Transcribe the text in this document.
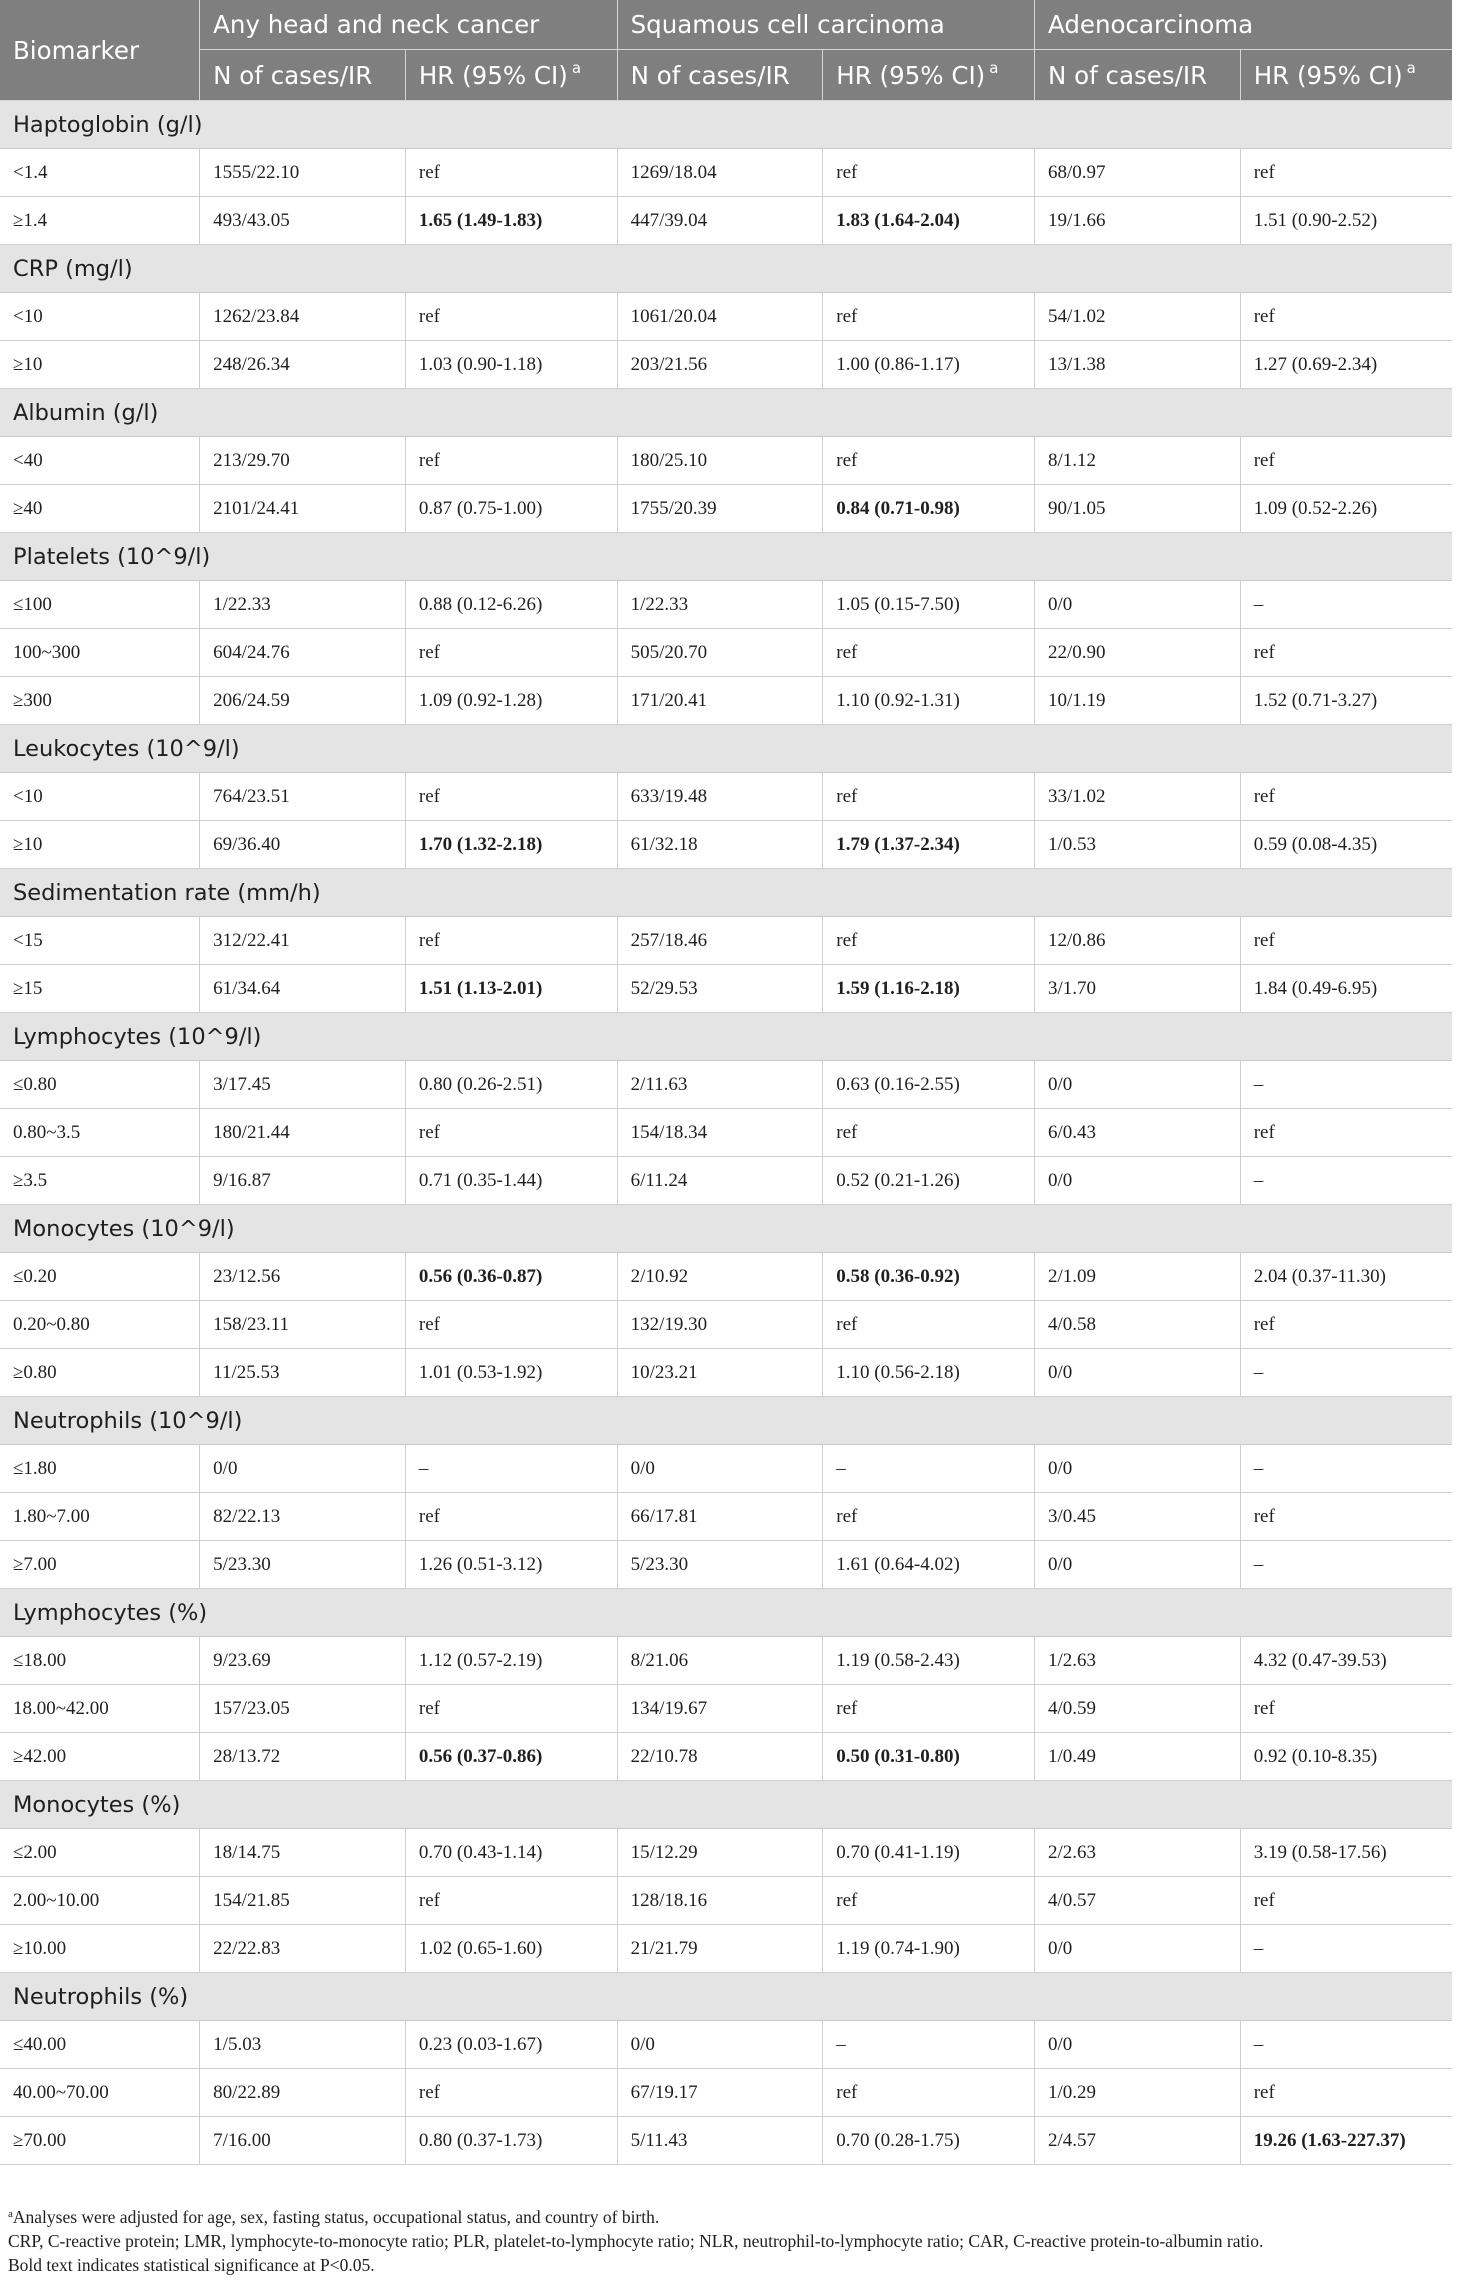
Biomarker	Any head and neck cancer		Squamous cell carcinoma		Adenocarcinoma	
	N of cases/IR	HR (95% CI) $^a$	N of cases/IR	HR (95% CI) $^a$	N of cases/IR	HR (95% CI) $^a$
Haptoglobin (g/l)						
<1.4	1555/22.10	ref	1269/18.04	ref	68/0.97	ref
≥1.4	493/43.05	1.65 (1.49-1.83)	447/39.04	1.83 (1.64-2.04)	19/1.66	1.51 (0.90-2.52)
CRP (mg/l)						
<10	1262/23.84	ref	1061/20.04	ref	54/1.02	ref
≥10	248/26.34	1.03 (0.90-1.18)	203/21.56	1.00 (0.86-1.17)	13/1.38	1.27 (0.69-2.34)
Albumin (g/l)						
<40	213/29.70	ref	180/25.10	ref	8/1.12	ref
≥40	2101/24.41	0.87 (0.75-1.00)	1755/20.39	0.84 (0.71-0.98)	90/1.05	1.09 (0.52-2.26)
Platelets (10^9/l)						
≤100	1/22.33	0.88 (0.12-6.26)	1/22.33	1.05 (0.15-7.50)	0/0	–
100~300	604/24.76	ref	505/20.70	ref	22/0.90	ref
≥300	206/24.59	1.09 (0.92-1.28)	171/20.41	1.10 (0.92-1.31)	10/1.19	1.52 (0.71-3.27)
Leukocytes (10^9/l)						
<10	764/23.51	ref	633/19.48	ref	33/1.02	ref
≥10	69/36.40	1.70 (1.32-2.18)	61/32.18	1.79 (1.37-2.34)	1/0.53	0.59 (0.08-4.35)
Sedimentation rate (mm/h)						
<15	312/22.41	ref	257/18.46	ref	12/0.86	ref
≥15	61/34.64	1.51 (1.13-2.01)	52/29.53	1.59 (1.16-2.18)	3/1.70	1.84 (0.49-6.95)
Lymphocytes (10^9/l)						
≤0.80	3/17.45	0.80 (0.26-2.51)	2/11.63	0.63 (0.16-2.55)	0/0	–
0.80~3.5	180/21.44	ref	154/18.34	ref	6/0.43	ref
≥3.5	9/16.87	0.71 (0.35-1.44)	6/11.24	0.52 (0.21-1.26)	0/0	–
Monocytes (10^9/l)						
≤0.20	23/12.56	0.56 (0.36-0.87)	2/10.92	0.58 (0.36-0.92)	2/1.09	2.04 (0.37-11.30)
0.20~0.80	158/23.11	ref	132/19.30	ref	4/0.58	ref
≥0.80	11/25.53	1.01 (0.53-1.92)	10/23.21	1.10 (0.56-2.18)	0/0	–
Neutrophils (10^9/l)						
≤1.80	0/0	–	0/0	–	0/0	–
1.80~7.00	82/22.13	ref	66/17.81	ref	3/0.45	ref
≥7.00	5/23.30	1.26 (0.51-3.12)	5/23.30	1.61 (0.64-4.02)	0/0	–
Lymphocytes (%)						
≤18.00	9/23.69	1.12 (0.57-2.19)	8/21.06	1.19 (0.58-2.43)	1/2.63	4.32 (0.47-39.53)
18.00~42.00	157/23.05	ref	134/19.67	ref	4/0.59	ref
≥42.00	28/13.72	0.56 (0.37-0.86)	22/10.78	0.50 (0.31-0.80)	1/0.49	0.92 (0.10-8.35)
Monocytes (%)						
≤2.00	18/14.75	0.70 (0.43-1.14)	15/12.29	0.70 (0.41-1.19)	2/2.63	3.19 (0.58-17.56)
2.00~10.00	154/21.85	ref	128/18.16	ref	4/0.57	ref
≥10.00	22/22.83	1.02 (0.65-1.60)	21/21.79	1.19 (0.74-1.90)	0/0	–
Neutrophils (%)						
≤40.00	1/5.03	0.23 (0.03-1.67)	0/0	–	0/0	–
40.00~70.00	80/22.89	ref	67/19.17	ref	1/0.29	ref
≥70.00	7/16.00	0.80 (0.37-1.73)	5/11.43	0.70 (0.28-1.75)	2/4.57	19.26 (1.63-227.37)

$^a$Analyses were adjusted for age, sex, fasting status, occupational status, and country of birth.

CRP, C-reactive protein; LMR, lymphocyte-to-monocyte ratio; PLR, platelet-to-lymphocyte ratio; NLR, neutrophil-to-lymphocyte ratio; CAR, C-reactive protein-to-albumin ratio.

Bold text indicates statistical significance at P<0.05.
